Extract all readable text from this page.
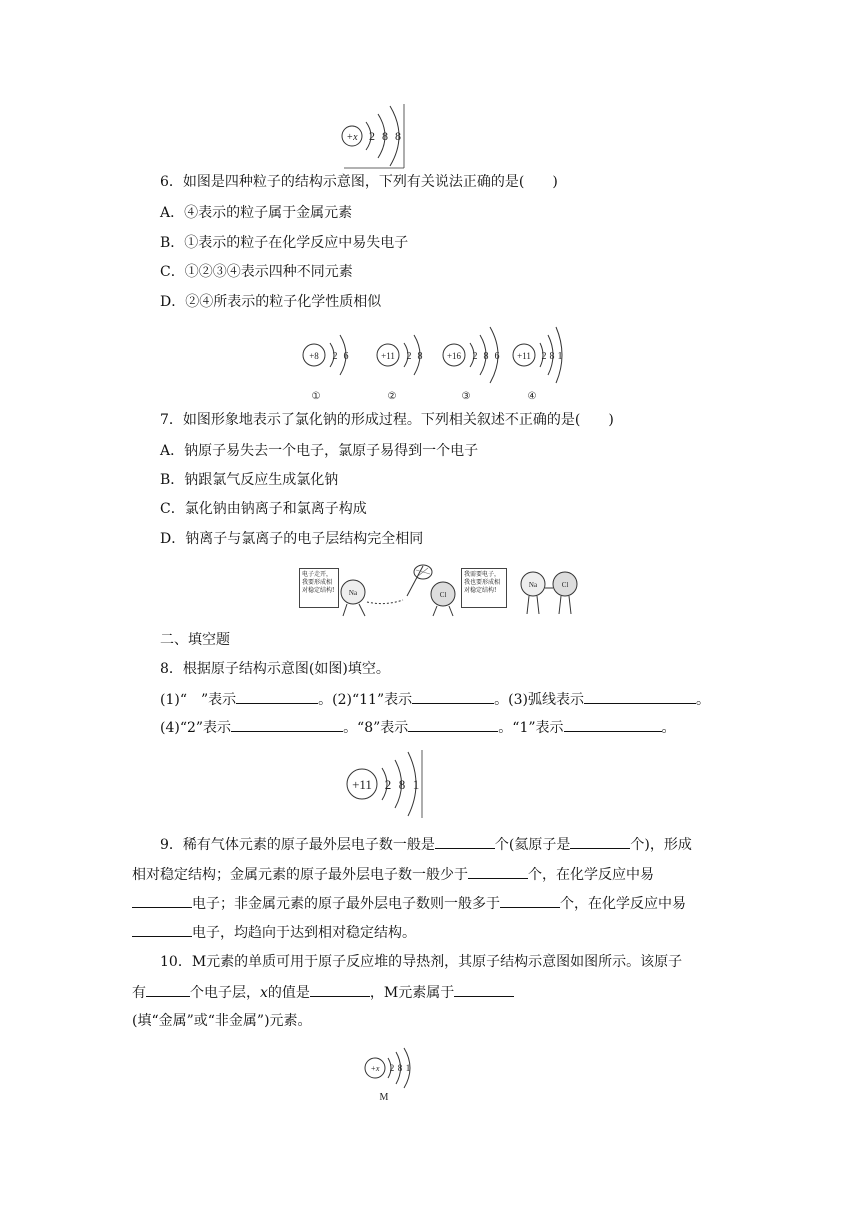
+x 2 8 8
6．如图是四种粒子的结构示意图，下列有关说法正确的是(　　)
A．④表示的粒子属于金属元素
B．①表示的粒子在化学反应中易失电子
C．①②③④表示四种不同元素
D．②④所表示的粒子化学性质相似
+8 2 6
①
+11 2 8
②
+16 2 8 6
③
+11 2 8 1
④
7．如图形象地表示了氯化钠的形成过程。下列相关叙述不正确的是(　　)
A．钠原子易失去一个电子，氯原子易得到一个电子
B．钠跟氯气反应生成氯化钠
C．氯化钠由钠离子和氯离子构成
D．钠离子与氯离子的电子层结构完全相同
电子走开，我要形成相对稳定结构!	Na	Cl
Na	Cl
我需要电子，我也要形成相对稳定结构!
二、填空题
8．根据原子结构示意图(如图)填空。
(1)“　”表示	。(2)“11”表示	。(3)弧线表示	。
(4)“2”表示	。“8”表示	。“1”表示	。
+11 2 8 1
9．稀有气体元素的原子最外层电子数一般是	个(氦原子是	个)，形成
相对稳定结构；金属元素的原子最外层电子数一般少于	个，在化学反应中易
电子；非金属元素的原子最外层电子数则一般多于	个，在化学反应中易
电子，均趋向于达到相对稳定结构。
10．M元素的单质可用于原子反应堆的导热剂，其原子结构示意图如图所示。该原子
有	个电子层，x的值是	，M元素属于
(填“金属”或“非金属”)元素。
+x 2 8 1
M
